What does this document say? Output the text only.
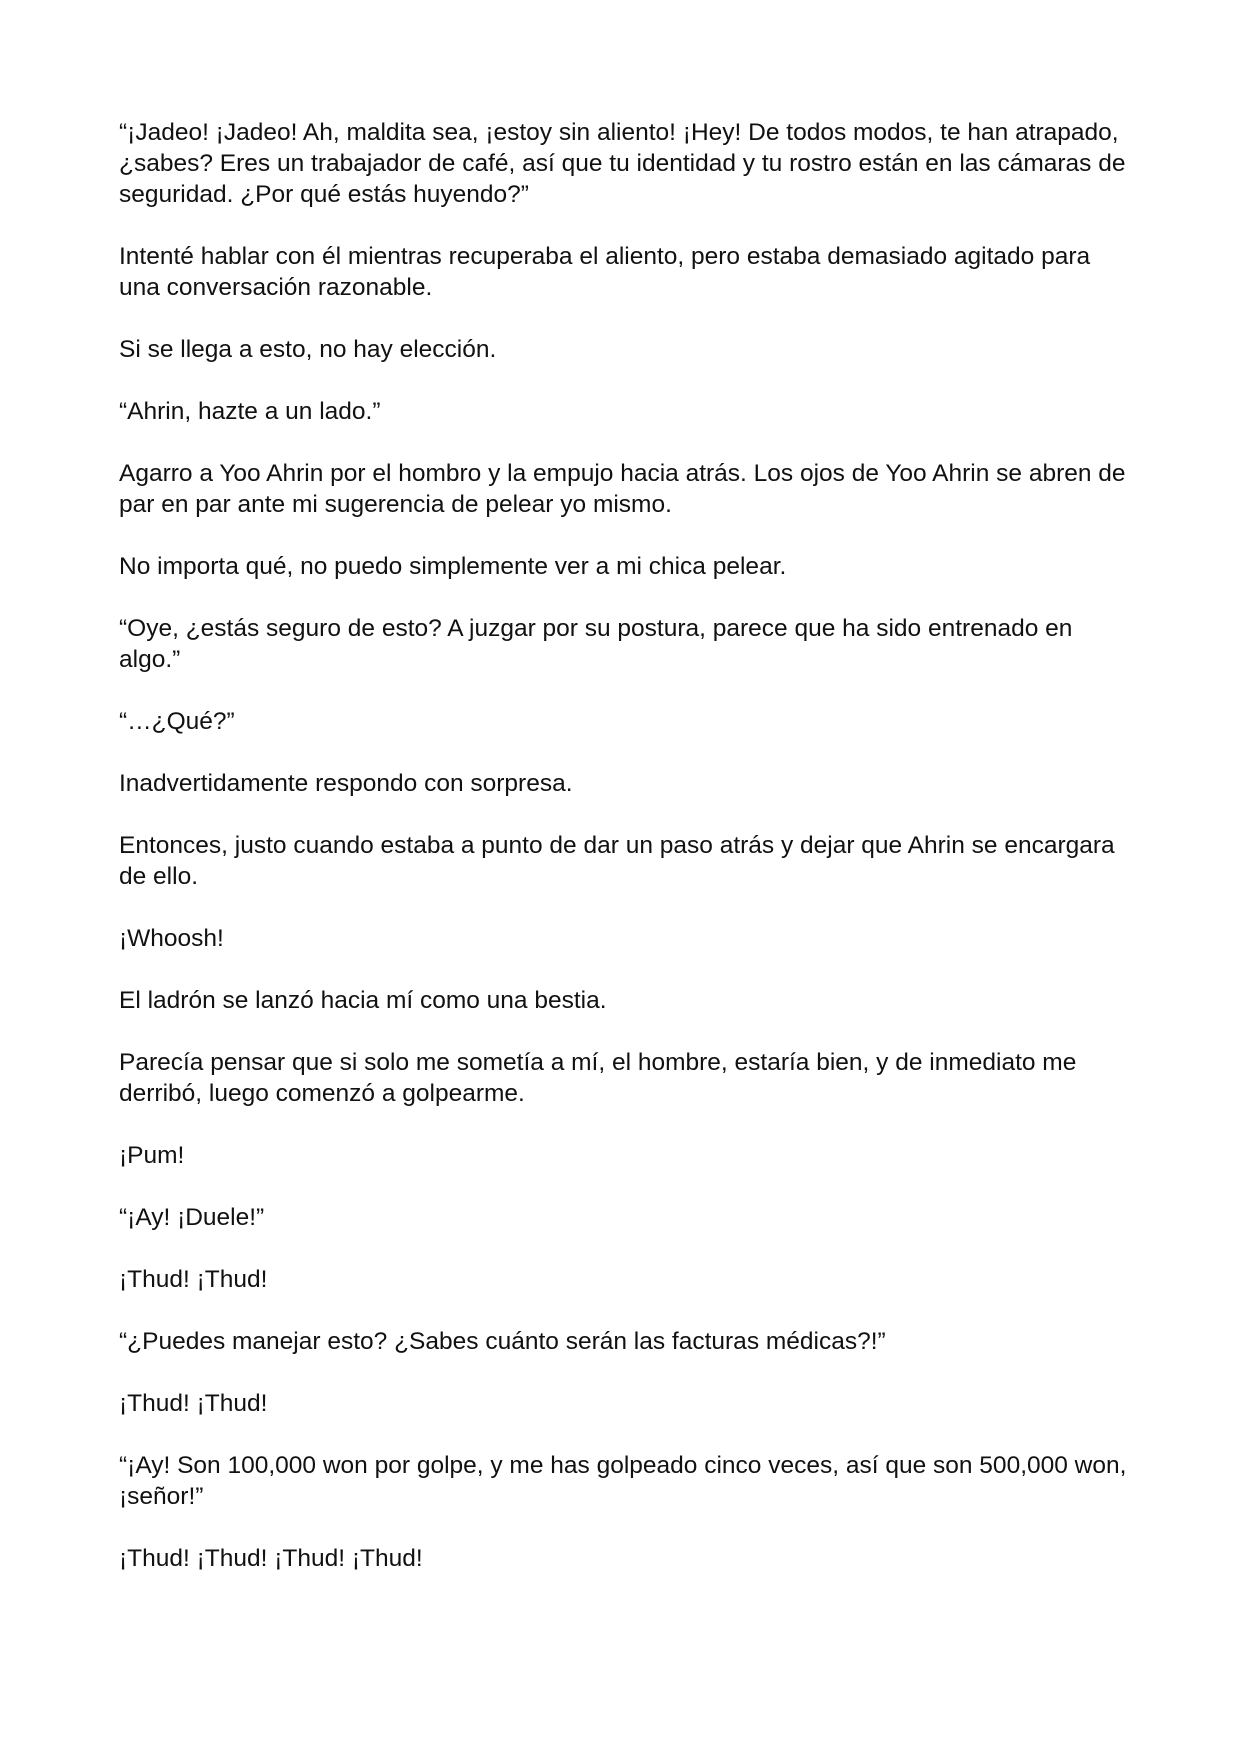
“¡Jadeo! ¡Jadeo! Ah, maldita sea, ¡estoy sin aliento! ¡Hey! De todos modos, te han atrapado, ¿sabes? Eres un trabajador de café, así que tu identidad y tu rostro están en las cámaras de seguridad. ¿Por qué estás huyendo?”

Intenté hablar con él mientras recuperaba el aliento, pero estaba demasiado agitado para una conversación razonable.

Si se llega a esto, no hay elección.

“Ahrin, hazte a un lado.”

Agarro a Yoo Ahrin por el hombro y la empujo hacia atrás. Los ojos de Yoo Ahrin se abren de par en par ante mi sugerencia de pelear yo mismo.

No importa qué, no puedo simplemente ver a mi chica pelear.

“Oye, ¿estás seguro de esto? A juzgar por su postura, parece que ha sido entrenado en algo.”

“…¿Qué?”

Inadvertidamente respondo con sorpresa.

Entonces, justo cuando estaba a punto de dar un paso atrás y dejar que Ahrin se encargara de ello.

¡Whoosh!

El ladrón se lanzó hacia mí como una bestia.

Parecía pensar que si solo me sometía a mí, el hombre, estaría bien, y de inmediato me derribó, luego comenzó a golpearme.

¡Pum!

“¡Ay! ¡Duele!”

¡Thud! ¡Thud!

“¿Puedes manejar esto? ¿Sabes cuánto serán las facturas médicas?!”

¡Thud! ¡Thud!

“¡Ay! Son 100,000 won por golpe, y me has golpeado cinco veces, así que son 500,000 won, ¡señor!”

¡Thud! ¡Thud! ¡Thud! ¡Thud!
